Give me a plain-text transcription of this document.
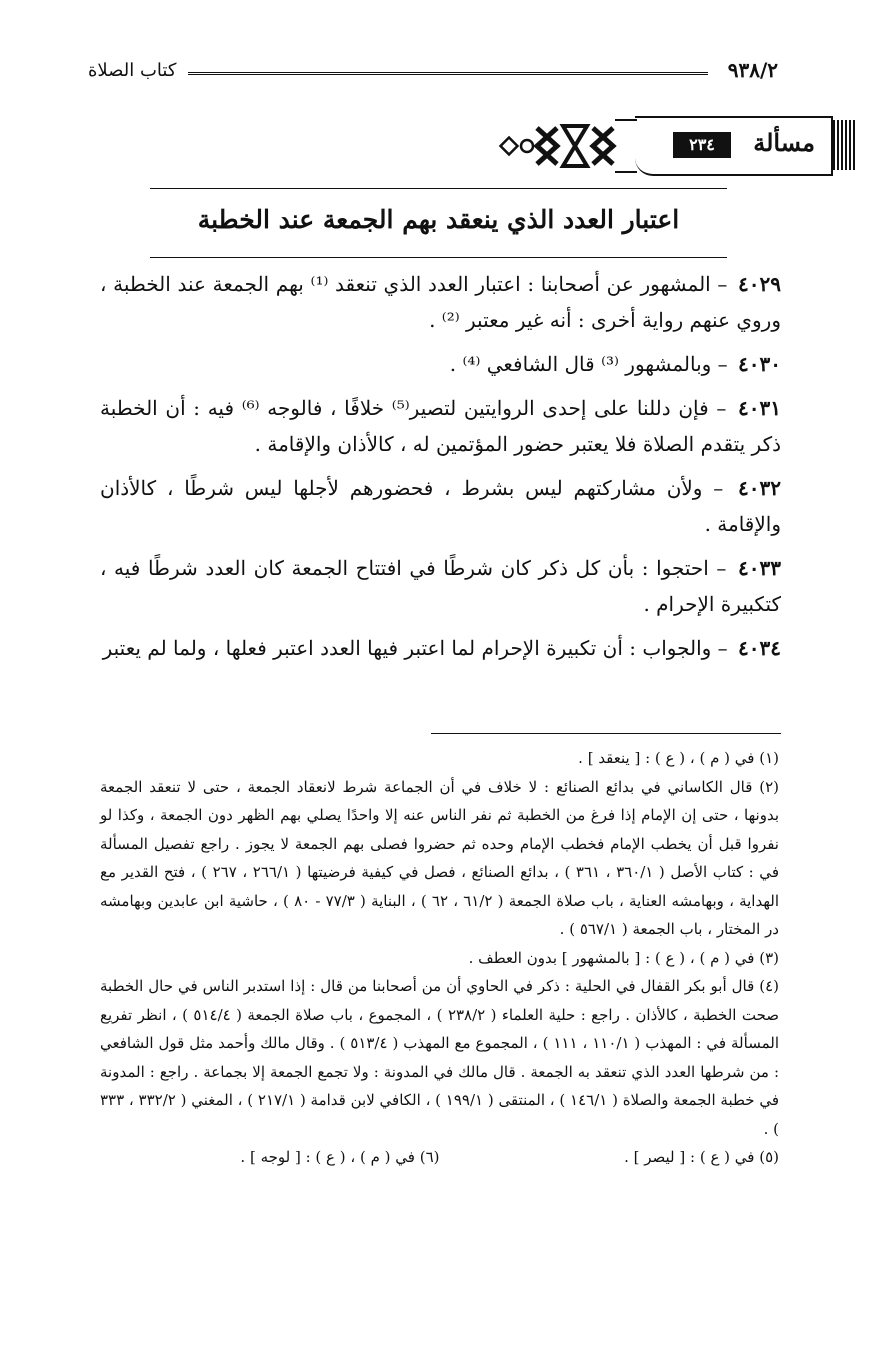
٩٣٨/٢
كتاب الصلاة
مسألة
٢٣٤
اعتبار العدد الذي ينعقد بهم الجمعة عند الخطبة

٤٠٢٩ – المشهور عن أصحابنا : اعتبار العدد الذي تنعقد ⁽¹⁾ بهم الجمعة عند الخطبة ، وروي عنهم رواية أخرى : أنه غير معتبر ⁽²⁾ .

٤٠٣٠ – وبالمشهور ⁽³⁾ قال الشافعي ⁽⁴⁾ .

٤٠٣١ – فإن دللنا على إحدى الروايتين لتصير⁽⁵⁾ خلافًا ، فالوجه ⁽⁶⁾ فيه : أن الخطبة ذكر يتقدم الصلاة فلا يعتبر حضور المؤتمين له ، كالأذان والإقامة .

٤٠٣٢ – ولأن مشاركتهم ليس بشرط ، فحضورهم لأجلها ليس شرطًا ، كالأذان والإقامة .

٤٠٣٣ – احتجوا : بأن كل ذكر كان شرطًا في افتتاح الجمعة كان العدد شرطًا فيه ، كتكبيرة الإحرام .

٤٠٣٤ – والجواب : أن تكبيرة الإحرام لما اعتبر فيها العدد اعتبر فعلها ، ولما لم يعتبر

(١) في ( م ) ، ( ع ) : [ ينعقد ] .

(٢) قال الكاساني في بدائع الصنائع : لا خلاف في أن الجماعة شرط لانعقاد الجمعة ، حتى لا تنعقد الجمعة بدونها ، حتى إن الإمام إذا فرغ من الخطبة ثم نفر الناس عنه إلا واحدًا يصلي بهم الظهر دون الجمعة ، وكذا لو نفروا قبل أن يخطب الإمام فخطب الإمام وحده ثم حضروا فصلى بهم الجمعة لا يجوز . راجع تفصيل المسألة في : كتاب الأصل ( ٣٦٠/١ ، ٣٦١ ) ، بدائع الصنائع ، فصل في كيفية فرضيتها ( ٢٦٦/١ ، ٢٦٧ ) ، فتح القدير مع الهداية ، وبهامشه العناية ، باب صلاة الجمعة ( ٦١/٢ ، ٦٢ ) ، البناية ( ٧٧/٣ - ٨٠ ) ، حاشية ابن عابدين وبهامشه در المختار ، باب الجمعة ( ٥٦٧/١ ) .

(٣) في ( م ) ، ( ع ) : [ بالمشهور ] بدون العطف .

(٤) قال أبو بكر القفال في الحلية : ذكر في الحاوي أن من أصحابنا من قال : إذا استدبر الناس في حال الخطبة صحت الخطبة ، كالأذان . راجع : حلية العلماء ( ٢٣٨/٢ ) ، المجموع ، باب صلاة الجمعة ( ٥١٤/٤ ) ، انظر تفريع المسألة في : المهذب ( ١١٠/١ ، ١١١ ) ، المجموع مع المهذب ( ٥١٣/٤ ) . وقال مالك وأحمد مثل قول الشافعي : من شرطها العدد الذي تنعقد به الجمعة . قال مالك في المدونة : ولا تجمع الجمعة إلا بجماعة . راجع : المدونة في خطبة الجمعة والصلاة ( ١٤٦/١ ) ، المنتقى ( ١٩٩/١ ) ، الكافي لابن قدامة ( ٢١٧/١ ) ، المغني ( ٣٣٢/٢ ، ٣٣٣ ) .

(٥) في ( ع ) : [ ليصر ] .

(٦) في ( م ) ، ( ع ) : [ لوجه ] .
